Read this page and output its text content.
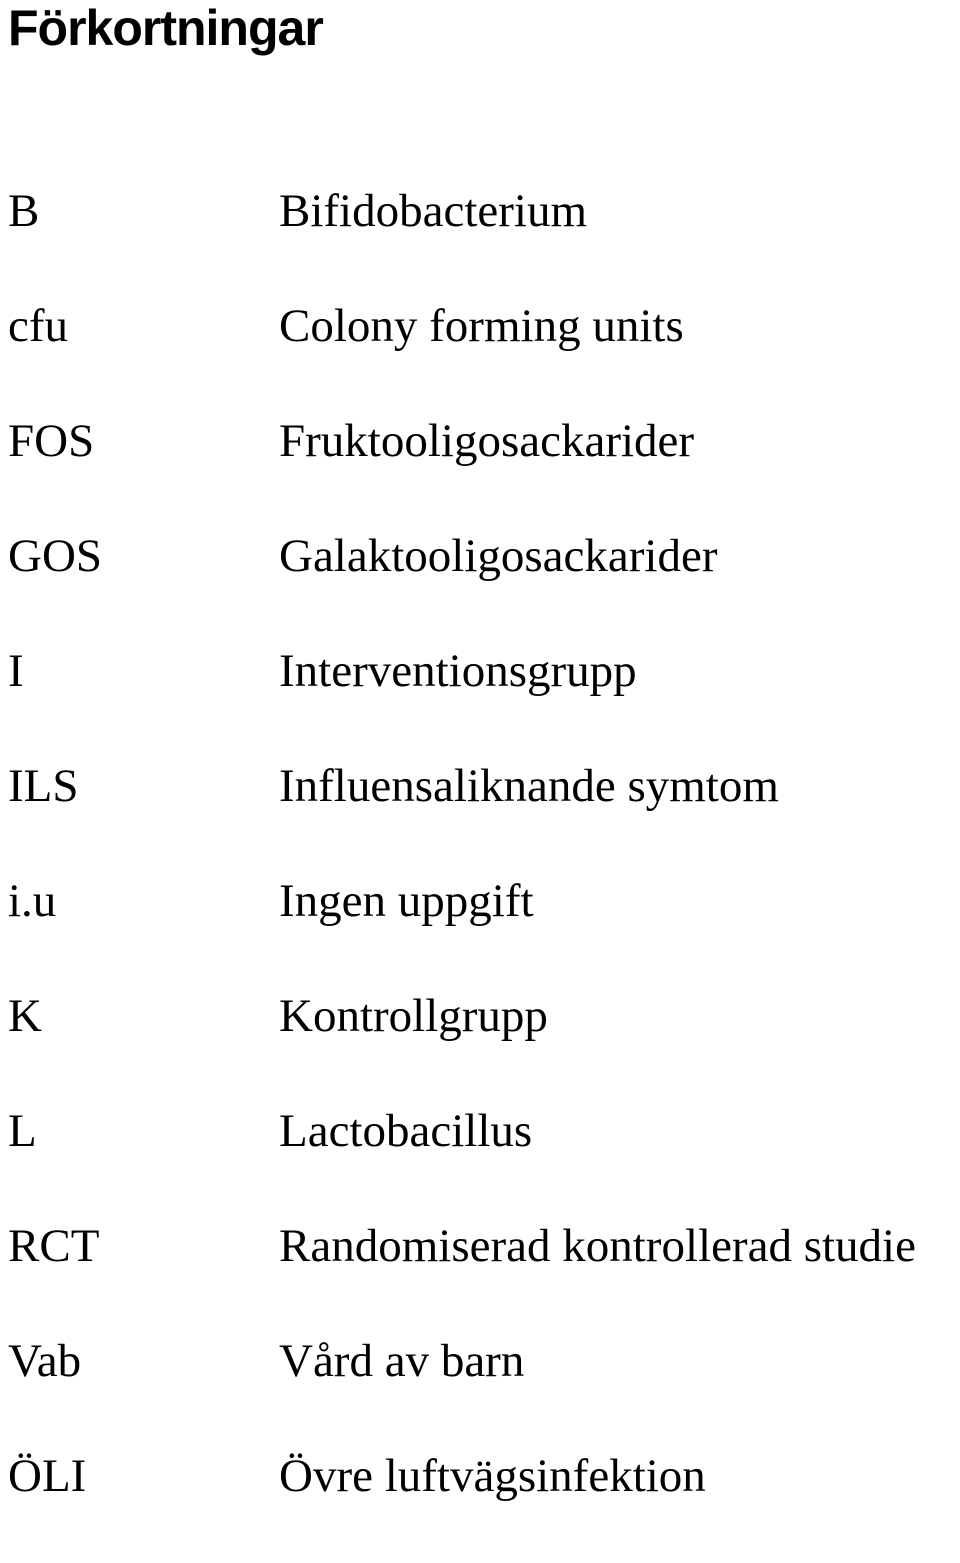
Förkortningar
B	Bifidobacterium
cfu	Colony forming units
FOS	Fruktooligosackarider
GOS	Galaktooligosackarider
I	Interventionsgrupp
ILS	Influensaliknande symtom
i.u	Ingen uppgift
K	Kontrollgrupp
L	Lactobacillus
RCT	Randomiserad kontrollerad studie
Vab	Vård av barn
ÖLI	Övre luftvägsinfektion
